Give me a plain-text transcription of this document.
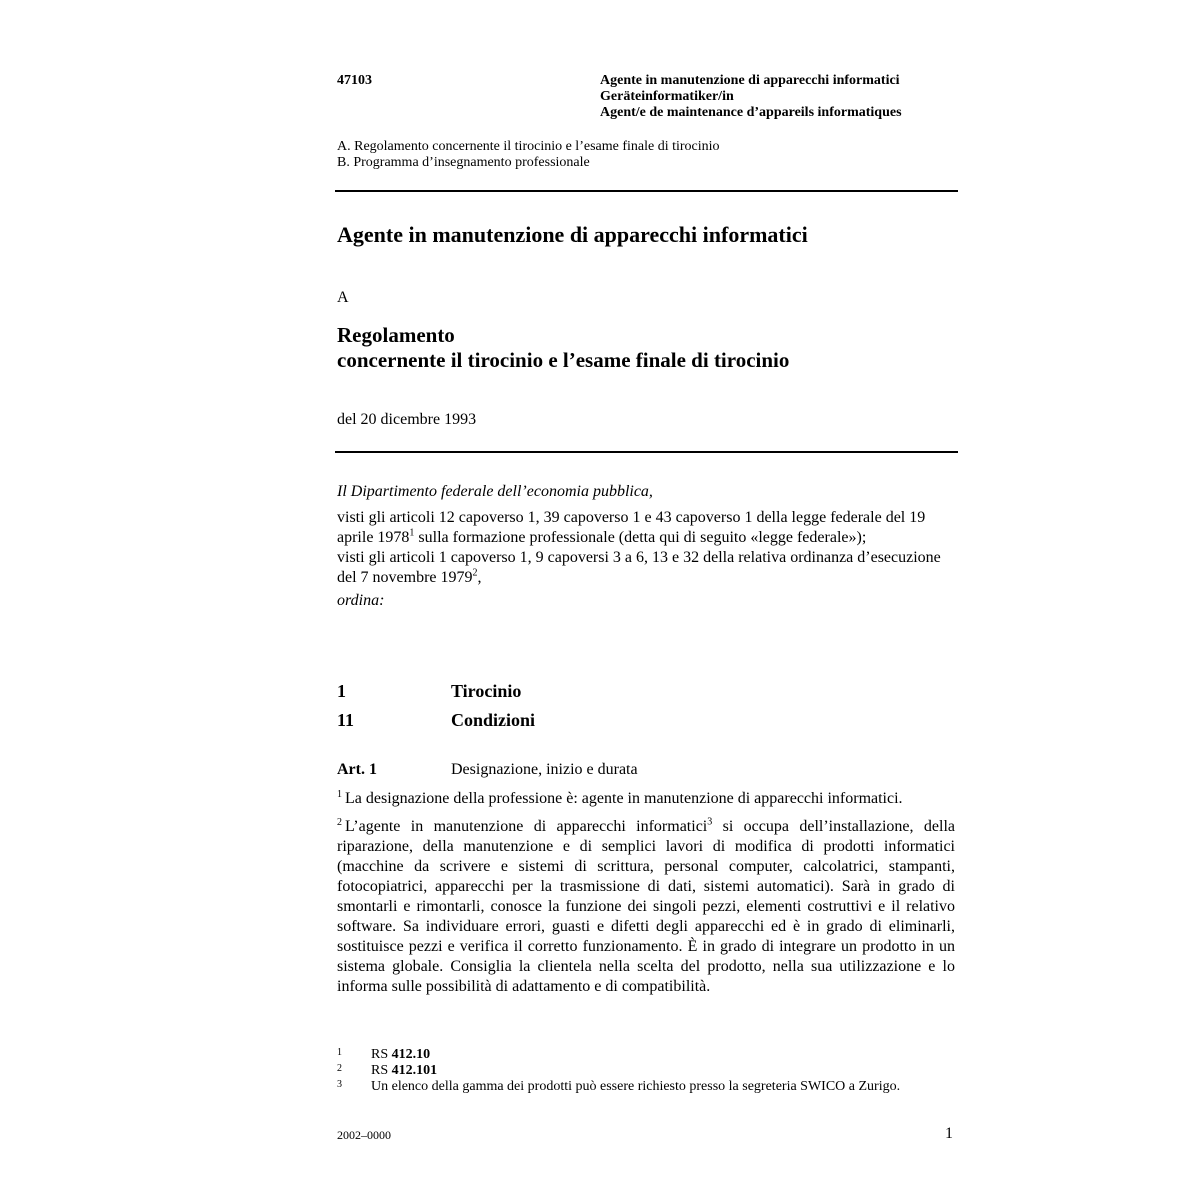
47103	Agente in manutenzione di apparecchi informatici
Geräteinformatiker/in
Agent/e de maintenance d’appareils informatiques
A. Regolamento concernente il tirocinio e l’esame finale di tirocinio
B. Programma d’insegnamento professionale
Agente in manutenzione di apparecchi informatici
A
Regolamento
concernente il tirocinio e l’esame finale di tirocinio
del 20 dicembre 1993

Il Dipartimento federale dell’economia pubblica,

visti gli articoli 12 capoverso 1, 39 capoverso 1 e 43 capoverso 1 della legge federale del 19 aprile 1978$^1$ sulla formazione professionale (detta qui di seguito «legge federale»);

visti gli articoli 1 capoverso 1, 9 capoversi 3 a 6, 13 e 32 della relativa ordinanza d’esecuzione del 7 novembre 1979$^2$,

ordina:

1	Tirocinio
11	Condizioni
Art. 1	Designazione, inizio e durata
$^1$ La designazione della professione è: agente in manutenzione di apparecchi informatici.
$^2$ L’agente in manutenzione di apparecchi informatici$^3$ si occupa dell’installazione, della riparazione, della manutenzione e di semplici lavori di modifica di prodotti informatici (macchine da scrivere e sistemi di scrittura, personal computer, calcolatrici, stampanti, fotocopiatrici, apparecchi per la trasmissione di dati, sistemi automatici). Sarà in grado di smontarli e rimontarli, conosce la funzione dei singoli pezzi, elementi costruttivi e il relativo software. Sa individuare errori, guasti e difetti degli apparecchi ed è in grado di eliminarli, sostituisce pezzi e verifica il corretto funzionamento. È in grado di integrare un prodotto in un sistema globale. Consiglia la clientela nella scelta del prodotto, nella sua utilizzazione e lo informa sulle possibilità di adattamento e di compatibilità.
1 RS 412.10
2 RS 412.101
3 Un elenco della gamma dei prodotti può essere richiesto presso la segreteria SWICO a Zurigo.
2002–0000	1
